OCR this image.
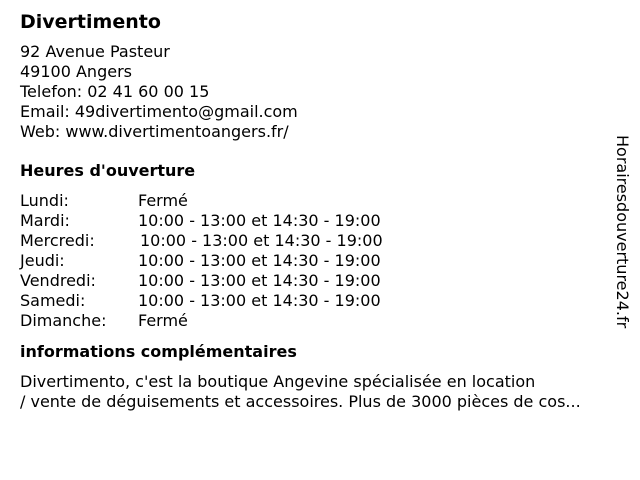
Divertimento
92 Avenue Pasteur
49100 Angers
Telefon: 02 41 60 00 15
Email: 49divertimento@gmail.com
Web: www.divertimentoangers.fr/
Heures d'ouverture
Lundi:	Fermé
Mardi:	10:00 - 13:00 et 14:30 - 19:00
Mercredi:	10:00 - 13:00 et 14:30 - 19:00
Jeudi:	10:00 - 13:00 et 14:30 - 19:00
Vendredi:	10:00 - 13:00 et 14:30 - 19:00
Samedi:	10:00 - 13:00 et 14:30 - 19:00
Dimanche:	Fermé
informations complémentaires
Divertimento, c'est la boutique Angevine spécialisée en location
/ vente de déguisements et accessoires. Plus de 3000 pièces de cos...
Horairesdouverture24.fr
